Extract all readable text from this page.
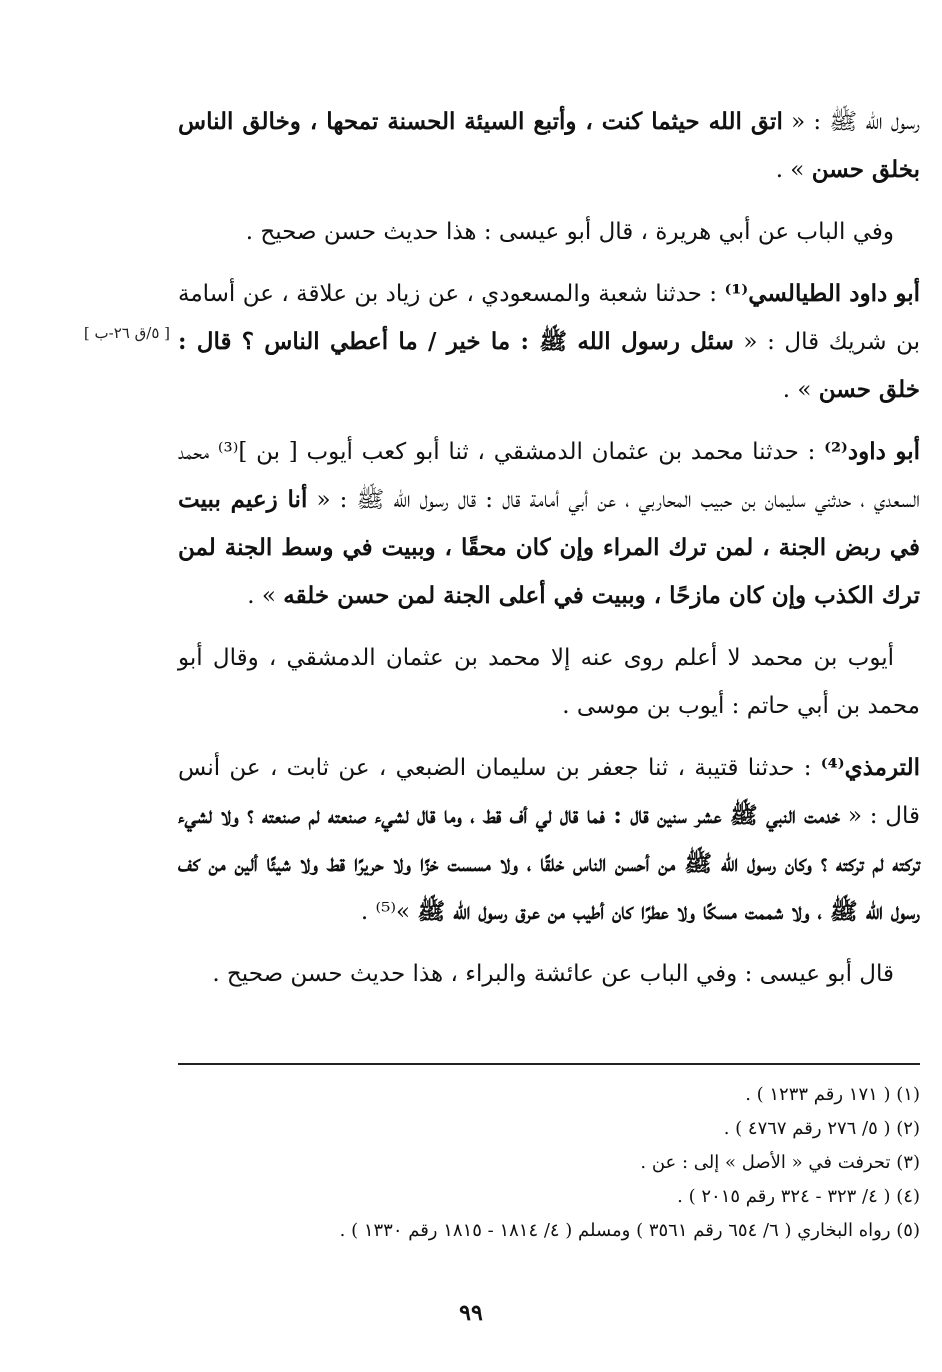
رسول الله ﷺ : « اتق الله حيثما كنت ، وأتبع السيئة الحسنة تمحها ، وخالق الناس بخلق حسن » .

وفي الباب عن أبي هريرة ، قال أبو عيسى : هذا حديث حسن صحيح .

أبو داود الطيالسي⁽¹⁾ : حدثنا شعبة والمسعودي ، عن زياد بن علاقة ، عن أسامة بن شريك قال : « سئل رسول الله ﷺ : ما خير / ما أعطي الناس ؟ قال : خلق حسن » .

أبو داود⁽²⁾ : حدثنا محمد بن عثمان الدمشقي ، ثنا أبو كعب أيوب [ بن ]⁽³⁾ محمد السعدي ، حدثني سليمان بن حبيب المحاربي ، عن أبي أمامة قال : قال رسول الله ﷺ : « أنا زعيم ببيت في ربض الجنة ، لمن ترك المراء وإن كان محقًا ، وببيت في وسط الجنة لمن ترك الكذب وإن كان مازحًا ، وببيت في أعلى الجنة لمن حسن خلقه » .

أيوب بن محمد لا أعلم روى عنه إلا محمد بن عثمان الدمشقي ، وقال أبو محمد بن أبي حاتم : أيوب بن موسى .

الترمذي⁽⁴⁾ : حدثنا قتيبة ، ثنا جعفر بن سليمان الضبعي ، عن ثابت ، عن أنس قال : « خدمت النبي ﷺ عشر سنين قال : فما قال لي أف قط ، وما قال لشيء صنعته لم صنعته ؟ ولا لشيء تركته لم تركته ؟ وكان رسول الله ﷺ من أحسن الناس خلقًا ، ولا مسست خزًا ولا حريرًا قط ولا شيئًا ألين من كف رسول الله ﷺ ، ولا شممت مسكًا ولا عطرًا كان أطيب من عرق رسول الله ﷺ »⁽⁵⁾ .

قال أبو عيسى : وفي الباب عن عائشة والبراء ، هذا حديث حسن صحيح .

[ ٥/ق ٢٦-ب ]

(١) ( ١٧١ رقم ١٢٣٣ ) .

(٢) ( ٥/ ٢٧٦ رقم ٤٧٦٧ ) .

(٣) تحرفت في « الأصل » إلى : عن .

(٤) ( ٤/ ٣٢٣ - ٣٢٤ رقم ٢٠١٥ ) .

(٥) رواه البخاري ( ٦/ ٦٥٤ رقم ٣٥٦١ ) ومسلم ( ٤/ ١٨١٤ - ١٨١٥ رقم ١٣٣٠ ) .

٩٩
